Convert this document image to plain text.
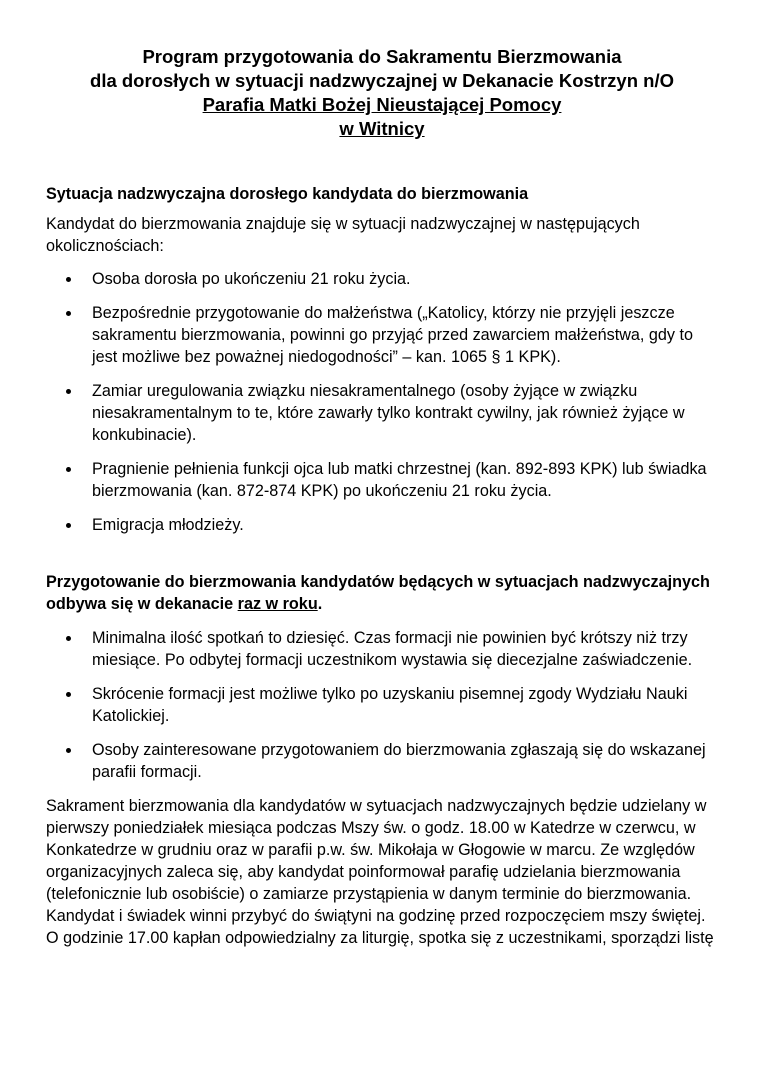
Program przygotowania do Sakramentu Bierzmowania
dla dorosłych w sytuacji nadzwyczajnej w Dekanacie Kostrzyn n/O
Parafia Matki Bożej Nieustającej Pomocy
w Witnicy
Sytuacja nadzwyczajna dorosłego kandydata do bierzmowania

Kandydat do bierzmowania znajduje się w sytuacji nadzwyczajnej w następujących okolicznościach:

Osoba dorosła po ukończeniu 21 roku życia.
Bezpośrednie przygotowanie do małżeństwa („Katolicy, którzy nie przyjęli jeszcze sakramentu bierzmowania, powinni go przyjąć przed zawarciem małżeństwa, gdy to jest możliwe bez poważnej niedogodności” – kan. 1065 § 1 KPK).
Zamiar uregulowania związku niesakramentalnego (osoby żyjące w związku niesakramentalnym to te, które zawarły tylko kontrakt cywilny, jak również żyjące w konkubinacie).
Pragnienie pełnienia funkcji ojca lub matki chrzestnej (kan. 892-893 KPK) lub świadka bierzmowania (kan. 872-874 KPK) po ukończeniu 21 roku życia.
Emigracja młodzieży.
Przygotowanie do bierzmowania kandydatów będących w sytuacjach nadzwyczajnych odbywa się w dekanacie raz w roku.
Minimalna ilość spotkań to dziesięć. Czas formacji nie powinien być krótszy niż trzy miesiące. Po odbytej formacji uczestnikom wystawia się diecezjalne zaświadczenie.
Skrócenie formacji jest możliwe tylko po uzyskaniu pisemnej zgody Wydziału Nauki Katolickiej.
Osoby zainteresowane przygotowaniem do bierzmowania zgłaszają się do wskazanej parafii formacji.

Sakrament bierzmowania dla kandydatów w sytuacjach nadzwyczajnych będzie udzielany w pierwszy poniedziałek miesiąca podczas Mszy św. o godz. 18.00 w Katedrze w czerwcu, w Konkatedrze w grudniu oraz w parafii p.w. św. Mikołaja w Głogowie w marcu. Ze względów organizacyjnych zaleca się, aby kandydat poinformował parafię udzielania bierzmowania (telefonicznie lub osobiście) o zamiarze przystąpienia w danym terminie do bierzmowania. Kandydat i świadek winni przybyć do świątyni na godzinę przed rozpoczęciem mszy świętej. O godzinie 17.00 kapłan odpowiedzialny za liturgię, spotka się z uczestnikami, sporządzi listę
